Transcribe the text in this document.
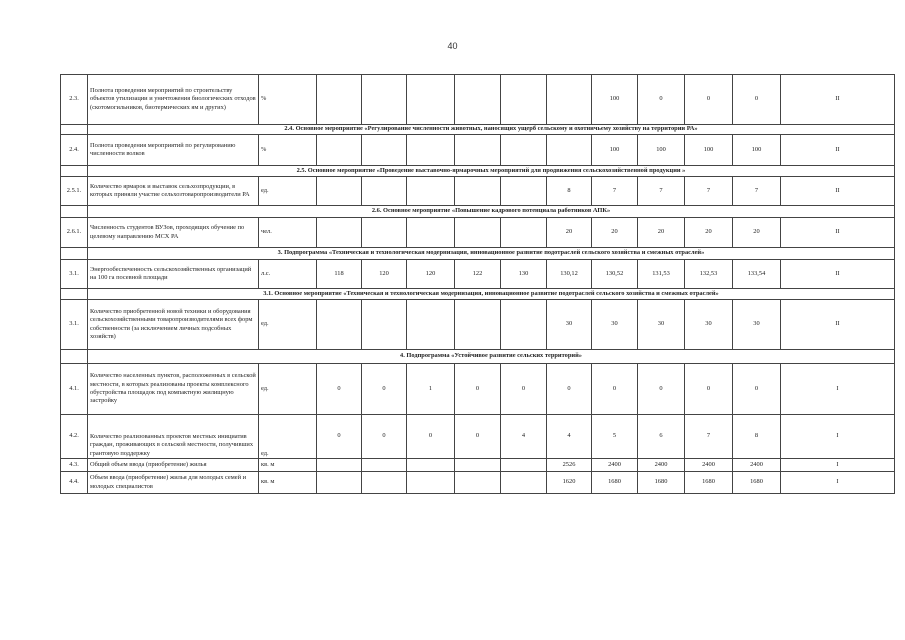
40
2.3.	Полнота проведения мероприятий по строительству объектов утилизации и уничтожения биологических отходов (скотомогильников, биотермических ям и других)	%							100	0	0	0	II
	2.4. Основное мероприятие «Регулирование численности животных, наносящих ущерб сельскому и охотничьему хозяйству на территории РА»												
2.4.	Полнота проведения мероприятий по регулированию численности волков	%							100	100	100	100	II
	2.5. Основное мероприятие «Проведение выставочно-ярмарочных мероприятий для продвижения сельскохозяйственной продукции »												
2.5.1.	Количество ярмарок и выставок сельхозпродукции, в которых приняли участие сельхозтоваропроизводители РА	ед.						8	7	7	7	7	II
	2.6. Основное мероприятие «Повышение кадрового потенциала работников АПК»												
2.6.1.	Численность студентов ВУЗов, проходящих обучение по целевому направлению МСХ РА	чел.						20	20	20	20	20	II
	3. Подпрограмма «Техническая и технологическая модернизация, инновационное развитие подотраслей сельского хозяйства и смежных отраслей»												
3.1.	Энергообеспеченность сельскохозяйственных организаций на 100 га посевной площади	л.с.	118	120	120	122	130	130,12	130,52	131,53	132,53	133,54	II
	3.1. Основное мероприятие «Техническая и технологическая модернизация, инновационное развитие подотраслей сельского хозяйства и смежных отраслей»												
3.1.	Количество приобретенной новой техники и оборудования сельскохозяйственными товаропроизводителями всех форм собственности (за исключением личных подсобных хозяйств)	ед.						30	30	30	30	30	II
	4. Подпрограмма «Устойчивое развитие сельских территорий»												
4.1.	Количество населенных пунктов, расположенных в сельской местности, в которых реализованы проекты комплексного обустройства площадок под компактную жилищную застройку	ед.	0	0	1	0	0	0	0	0	0	0	I
4.2.	Количество реализованных проектов местных инициатив граждан, проживающих в сельской местности, получивших грантовую поддержку	ед.	0	0	0	0	4	4	5	6	7	8	I
4.3.	Общий объем ввода (приобретение) жилья	кв. м						2526	2400	2400	2400	2400	I
4.4.	Объем ввода (приобретение) жилья для молодых семей и молодых специалистов	кв. м						1620	1680	1680	1680	1680	I
